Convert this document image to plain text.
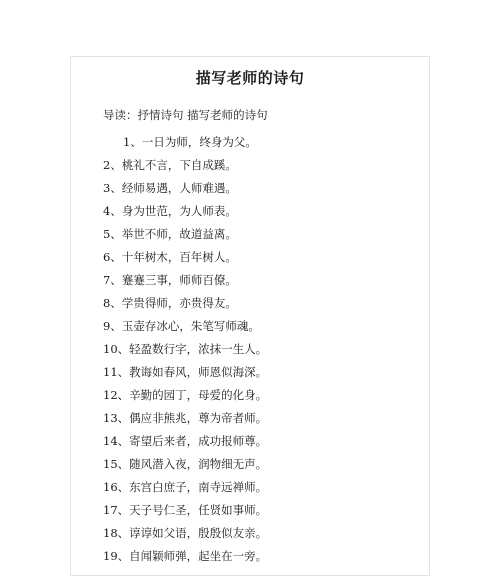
描写老师的诗句
导读：抒情诗句 描写老师的诗句
1、一日为师，终身为父。
2、桃礼不言，下自成蹊。
3、经师易遇，人师难遇。
4、身为世范，为人师表。
5、举世不师，故道益离。
6、十年树木，百年树人。
7、蹇蹇三事，师师百僚。
8、学贵得师，亦贵得友。
9、玉壶存冰心，朱笔写师魂。
10、轻盈数行字，浓抹一生人。
11、教诲如春风，师恩似海深。
12、辛勤的园丁，母爱的化身。
13、偶应非熊兆，尊为帝者师。
14、寄望后来者，成功报师尊。
15、随风潜入夜，润物细无声。
16、东宫白庶子，南寺远禅师。
17、天子号仁圣，任贤如事师。
18、谆谆如父语，殷殷似友亲。
19、自闻颖师弹，起坐在一旁。
